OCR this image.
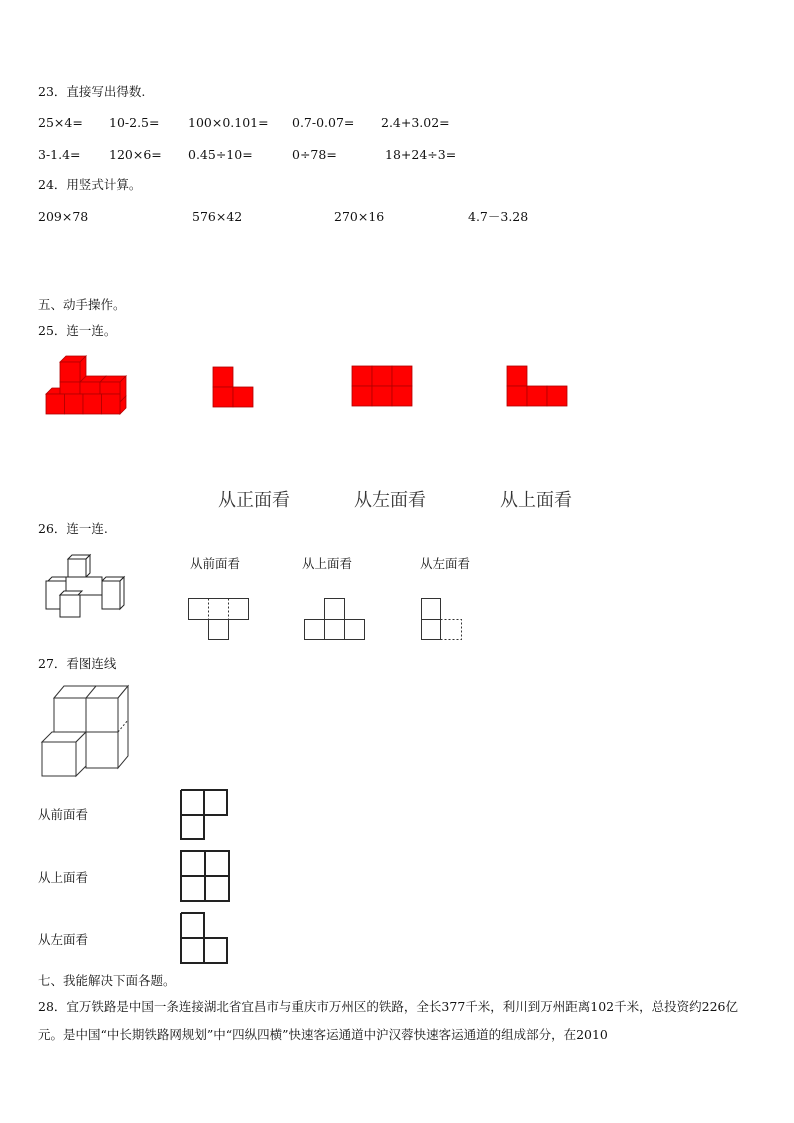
23．直接写出得数.
25×4= 10-2.5= 100×0.101= 0.7-0.07= 2.4+3.02=
3-1.4= 120×6= 0.45÷10=	0÷78=	18+24÷3=
24．用竖式计算。
209×78	576×42	270×16	4.7－3.28
五、动手操作。
25．连一连。
从正面看	从左面看	从上面看
26．连一连.
从前面看	从上面看	从左面看
27．看图连线
从前面看
从上面看
从左面看
七、我能解决下面各题。
28．宜万铁路是中国一条连接湖北省宜昌市与重庆市万州区的铁路，全长377千米，利川到万州距离102千米，总投资约226亿元。是中国“中长期铁路网规划”中“四纵四横”快速客运通道中沪汉蓉快速客运通道的组成部分，在2010
